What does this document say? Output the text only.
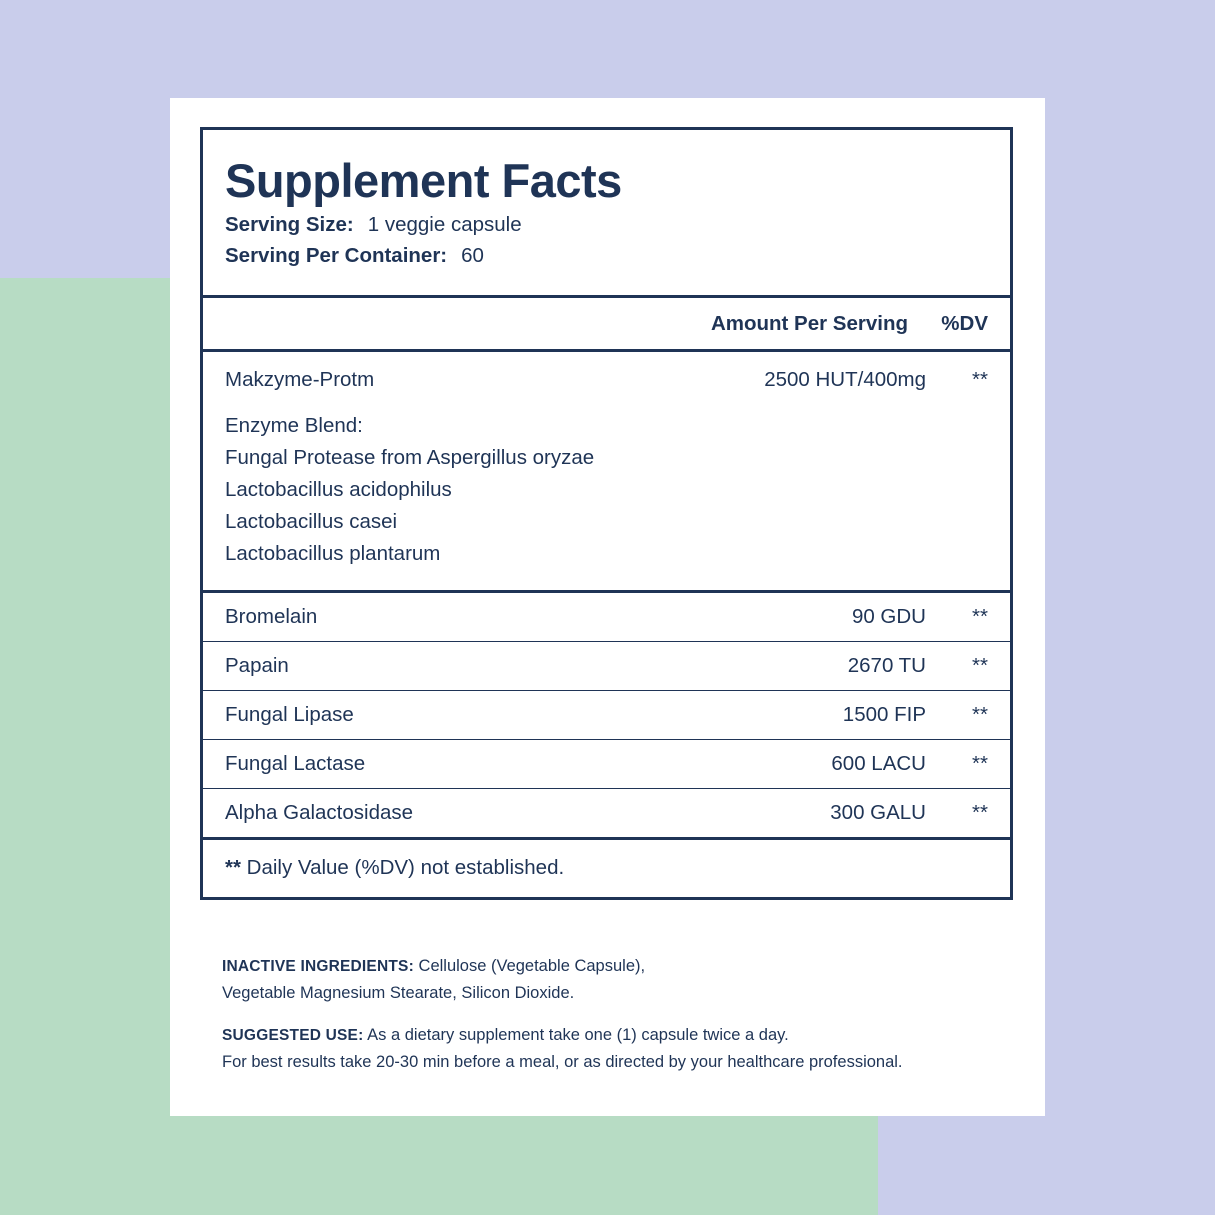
Supplement Facts
Serving Size: 1 veggie capsule
Serving Per Container: 60
Amount Per Serving	%DV
Makzyme-Protm	2500 HUT/400mg	**
Enzyme Blend:
Fungal Protease from Aspergillus oryzae
Lactobacillus acidophilus
Lactobacillus casei
Lactobacillus plantarum
Bromelain	90 GDU	**
Papain	2670 TU	**
Fungal Lipase	1500 FIP	**
Fungal Lactase	600 LACU	**
Alpha Galactosidase	300 GALU	**
** Daily Value (%DV) not established.

INACTIVE INGREDIENTS: Cellulose (Vegetable Capsule),
Vegetable Magnesium Stearate, Silicon Dioxide.

SUGGESTED USE: As a dietary supplement take one (1) capsule twice a day.
For best results take 20-30 min before a meal, or as directed by your healthcare professional.
